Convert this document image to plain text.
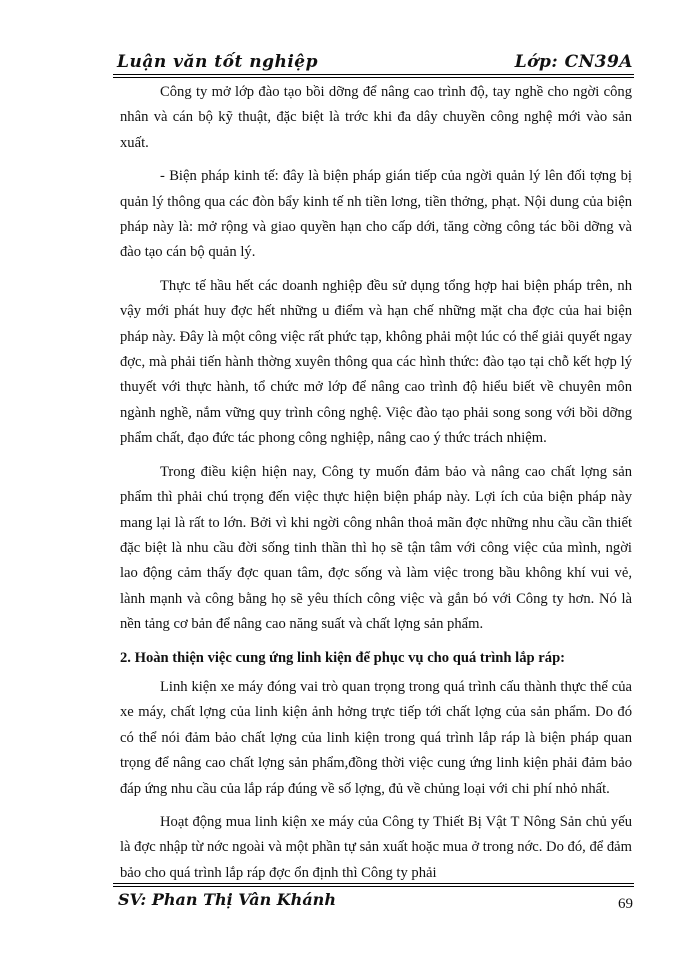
Luận văn tốt nghiệp	Lớp: CN39A

Công ty mở lớp đào tạo bồi dỡng để nâng cao trình độ, tay nghề cho ngời công nhân và cán bộ kỹ thuật, đặc biệt là trớc khi đa dây chuyền công nghệ mới vào sản xuất.

- Biện pháp kinh tế: đây là biện pháp gián tiếp của ngời quản lý lên đối tợng bị quản lý thông qua các đòn bẩy kinh tế nh tiền lơng, tiền thởng, phạt. Nội dung của biện pháp này là: mở rộng và giao quyền hạn cho cấp dới, tăng cờng công tác bồi dỡng và đào tạo cán bộ quản lý.

Thực tế hầu hết các doanh nghiệp đều sử dụng tổng hợp hai biện pháp trên, nh vậy mới phát huy đợc hết những u điểm và hạn chế những mặt cha đợc của hai biện pháp này. Đây là một công việc rất phức tạp, không phải một lúc có thể giải quyết ngay đợc, mà phải tiến hành thờng xuyên thông qua các hình thức: đào tạo tại chỗ kết hợp lý thuyết với thực hành, tổ chức mở lớp để nâng cao trình độ hiểu biết về chuyên môn ngành nghề, nắm vững quy trình công nghệ. Việc đào tạo phải song song với bồi dỡng phẩm chất, đạo đức tác phong công nghiệp, nâng cao ý thức trách nhiệm.

Trong điều kiện hiện nay, Công ty muốn đảm bảo và nâng cao chất lợng sản phẩm thì phải chú trọng đến việc thực hiện biện pháp này. Lợi ích của biện pháp này mang lại là rất to lớn. Bởi vì khi ngời công nhân thoả mãn đợc những nhu cầu cần thiết đặc biệt là nhu cầu đời sống tinh thần thì họ sẽ tận tâm với công việc của mình, ngời lao động cảm thấy đợc quan tâm, đợc sống và làm việc trong bầu không khí vui vẻ, lành mạnh và công bằng họ sẽ yêu thích công việc và gắn bó với Công ty hơn. Nó là nền tảng cơ bản để nâng cao năng suất và chất lợng sản phẩm.

2. Hoàn thiện việc cung ứng linh kiện để phục vụ cho quá trình lắp ráp:

Linh kiện xe máy đóng vai trò quan trọng trong quá trình cấu thành thực thể của xe máy, chất lợng của linh kiện ảnh hởng trực tiếp tới chất lợng của sản phẩm. Do đó có thể nói đảm bảo chất lợng của linh kiện trong quá trình lắp ráp là biện pháp quan trọng để nâng cao chất lợng sản phẩm,đồng thời việc cung ứng linh kiện phải đảm bảo đáp ứng nhu cầu của lắp ráp đúng về số lợng, đủ về chủng loại với chi phí nhỏ nhất.

Hoạt động mua linh kiện xe máy của Công ty Thiết Bị Vật T Nông Sản chủ yếu là đợc nhập từ nớc ngoài và một phần tự sản xuất hoặc mua ở trong nớc. Do đó, để đảm bảo cho quá trình lắp ráp đợc ổn định thì Công ty phải

SV: Phan Thị Vân Khánh	69
